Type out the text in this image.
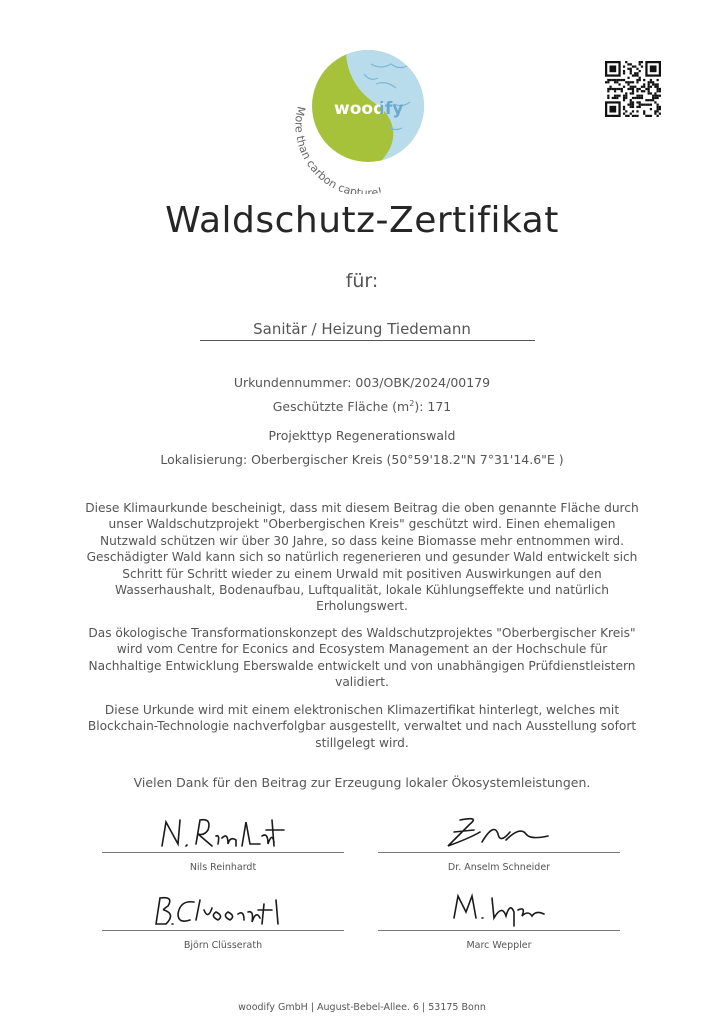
wood
ify
More than carbon capture!
Waldschutz-Zertifikat
für:
Sanitär / Heizung Tiedemann
Urkundennummer: 003/OBK/2024/00179
Geschützte Fläche $(m^2)$: 171
Projekttyp Regenerationswald
Lokalisierung: Oberbergischer Kreis (50°59'18.2"N 7°31'14.6"E )
Diese Klimaurkunde bescheinigt, dass mit diesem Beitrag die oben genannte Fläche durch
unser Waldschutzprojekt "Oberbergischen Kreis" geschützt wird. Einen ehemaligen
Nutzwald schützen wir über 30 Jahre, so dass keine Biomasse mehr entnommen wird.
Geschädigter Wald kann sich so natürlich regenerieren und gesunder Wald entwickelt sich
Schritt für Schritt wieder zu einem Urwald mit positiven Auswirkungen auf den
Wasserhaushalt, Bodenaufbau, Luftqualität, lokale Kühlungseffekte und natürlich
Erholungswert.
Das ökologische Transformationskonzept des Waldschutzprojektes "Oberbergischer Kreis"
wird vom Centre for Econics and Ecosystem Management an der Hochschule für
Nachhaltige Entwicklung Eberswalde entwickelt und von unabhängigen Prüfdienstleistern
validiert.
Diese Urkunde wird mit einem elektronischen Klimazertifikat hinterlegt, welches mit
Blockchain-Technologie nachverfolgbar ausgestellt, verwaltet und nach Ausstellung sofort
stillgelegt wird.
Vielen Dank für den Beitrag zur Erzeugung lokaler Ökosystemleistungen.
Nils Reinhardt	Dr. Anselm Schneider
Björn Clüsserath	Marc Weppler
woodify GmbH | August-Bebel-Allee. 6 | 53175 Bonn
